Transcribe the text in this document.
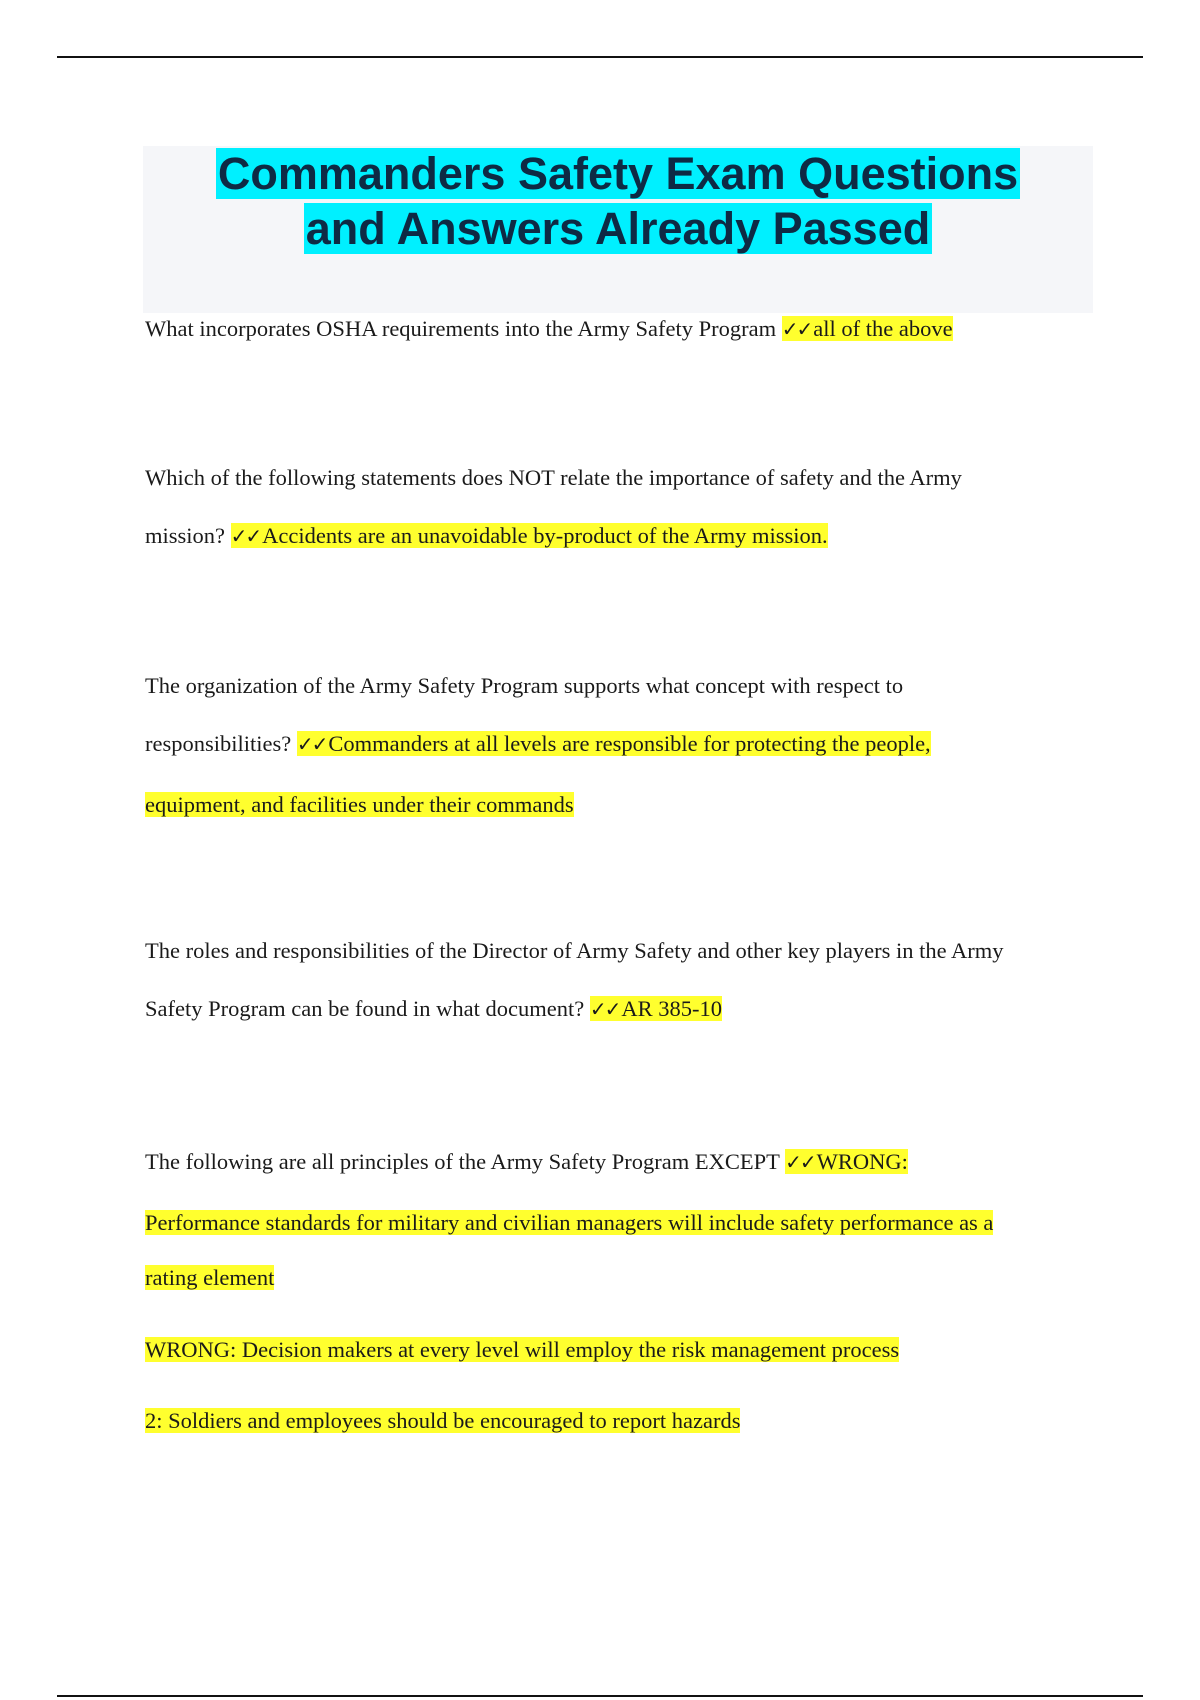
Commanders Safety Exam Questions
and Answers Already Passed

What incorporates OSHA requirements into the Army Safety Program ✓✓all of the above

Which of the following statements does NOT relate the importance of safety and the Army

mission? ✓✓Accidents are an unavoidable by-product of the Army mission.

The organization of the Army Safety Program supports what concept with respect to

responsibilities? ✓✓Commanders at all levels are responsible for protecting the people,

equipment, and facilities under their commands

The roles and responsibilities of the Director of Army Safety and other key players in the Army

Safety Program can be found in what document? ✓✓AR 385-10

The following are all principles of the Army Safety Program EXCEPT ✓✓WRONG:

Performance standards for military and civilian managers will include safety performance as a

rating element

WRONG: Decision makers at every level will employ the risk management process

2: Soldiers and employees should be encouraged to report hazards
